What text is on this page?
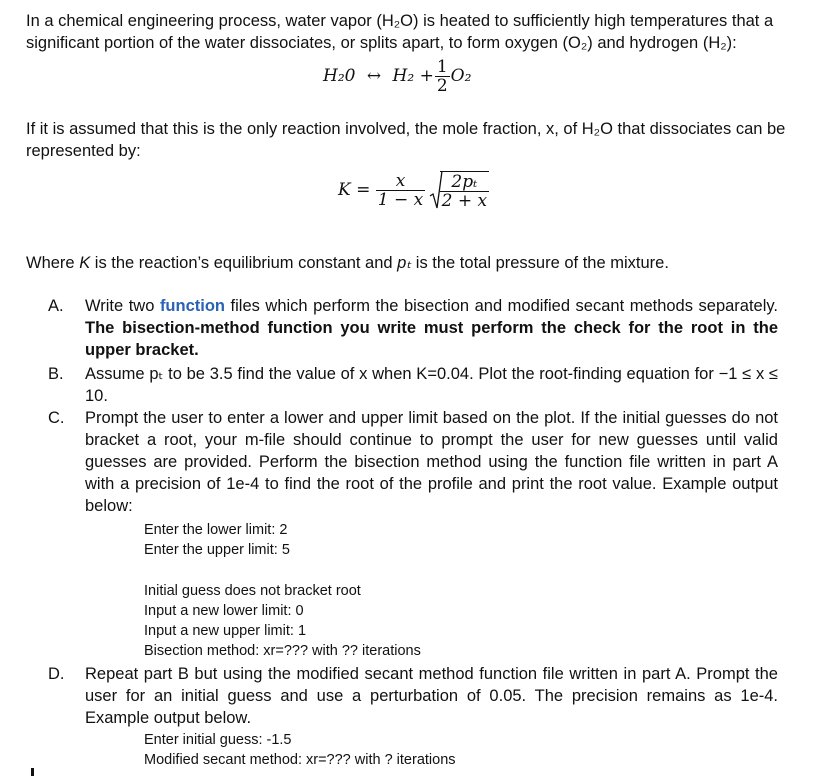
In a chemical engineering process, water vapor (H₂O) is heated to sufficiently high temperatures that a significant portion of the water dissociates, or splits apart, to form oxygen (O₂) and hydrogen (H₂):
H₂0 ↔ $H_2 + \frac{1}{2} O_2$
If it is assumed that this is the only reaction involved, the mole fraction, x, of H₂O that dissociates can be represented by:
$K = \frac{x}{1 - x}$
$\frac{\text{2pₜ}}{2 + x}$
Where K is the reaction’s equilibrium constant and pₜ is the total pressure of the mixture.
A. Write two function files which perform the bisection and modified secant methods separately. The bisection-method function you write must perform the check for the root in the upper bracket.
B. Assume pₜ to be 3.5 find the value of x when K=0.04. Plot the root-finding equation for −1 ≤ x ≤ 10.
C. Prompt the user to enter a lower and upper limit based on the plot. If the initial guesses do not bracket a root, your m-file should continue to prompt the user for new guesses until valid guesses are provided. Perform the bisection method using the function file written in part A with a precision of 1e-4 to find the root of the profile and print the root value. Example output below:
Enter the lower limit: 2
Enter the upper limit: 5
Initial guess does not bracket root
Input a new lower limit: 0
Input a new upper limit: 1
Bisection method: xr=??? with ?? iterations
D. Repeat part B but using the modified secant method function file written in part A. Prompt the user for an initial guess and use a perturbation of 0.05. The precision remains as 1e-4. Example output below.
Enter initial guess: -1.5
Modified secant method: xr=??? with ? iterations
